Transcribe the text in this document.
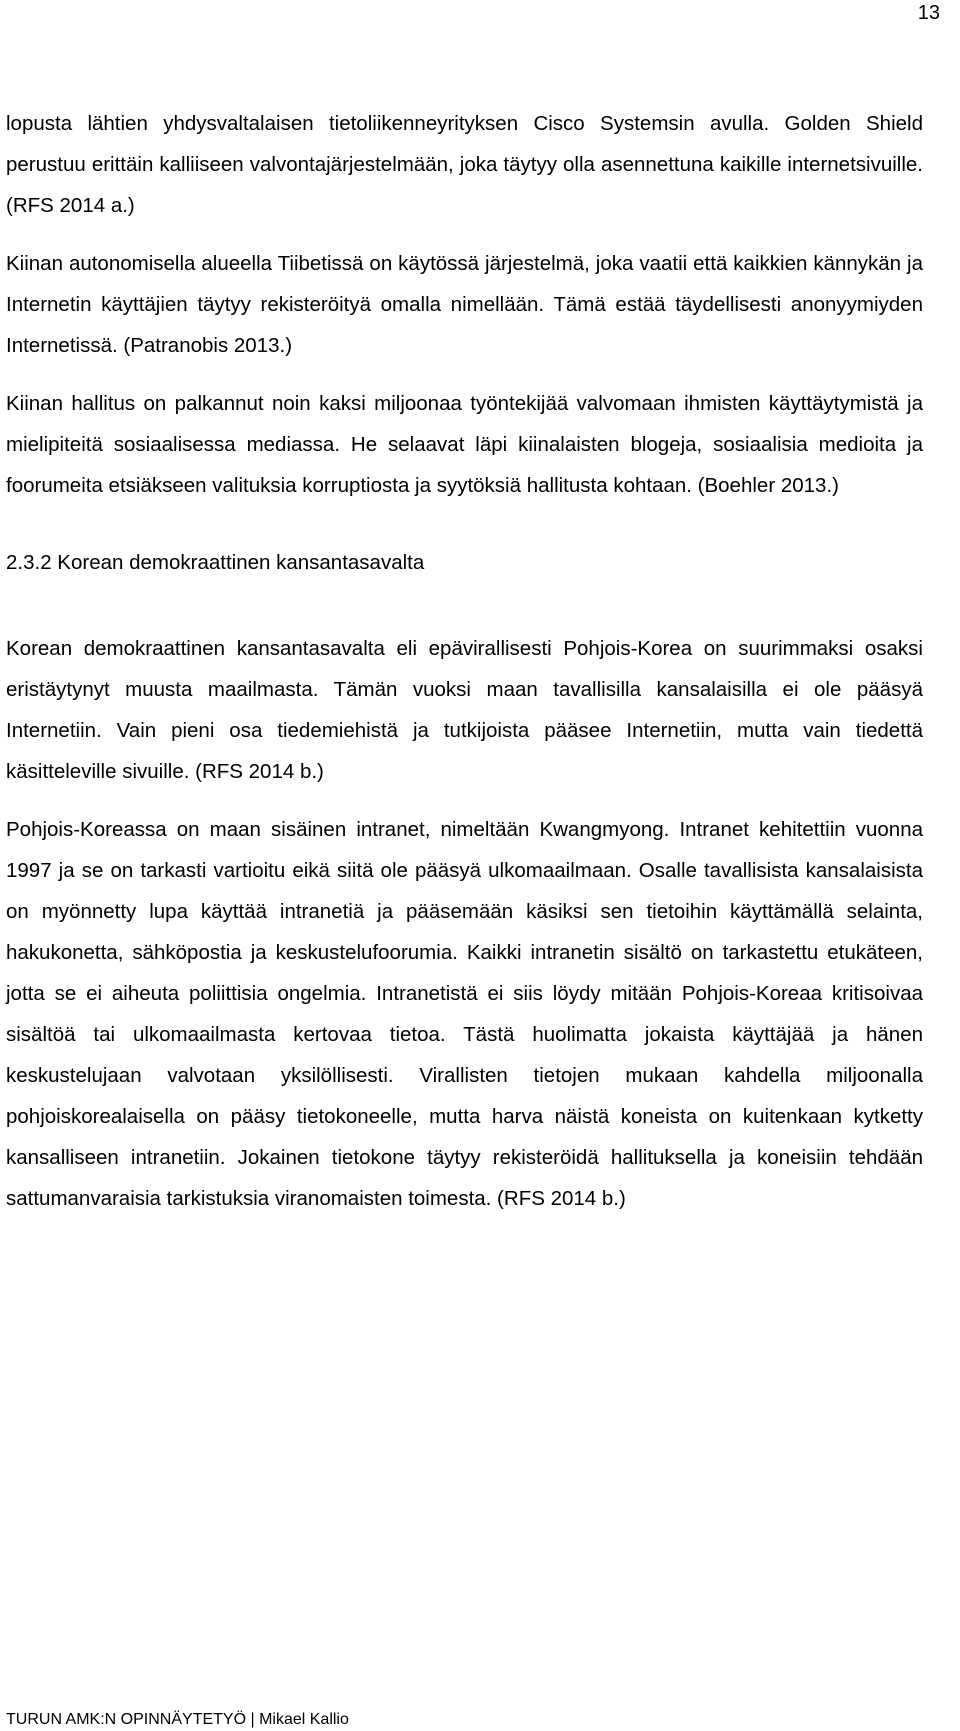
13

lopusta lähtien yhdysvaltalaisen tietoliikenneyrityksen Cisco Systemsin avulla. Golden Shield perustuu erittäin kalliiseen valvontajärjestelmään, joka täytyy olla asennettuna kaikille internetsivuille. (RFS 2014 a.)

Kiinan autonomisella alueella Tiibetissä on käytössä järjestelmä, joka vaatii että kaikkien kännykän ja Internetin käyttäjien täytyy rekisteröityä omalla nimellään. Tämä estää täydellisesti anonyymiyden Internetissä. (Patranobis 2013.)

Kiinan hallitus on palkannut noin kaksi miljoonaa työntekijää valvomaan ihmisten käyttäytymistä ja mielipiteitä sosiaalisessa mediassa. He selaavat läpi kiinalaisten blogeja, sosiaalisia medioita ja foorumeita etsiäkseen valituksia korruptiosta ja syytöksiä hallitusta kohtaan. (Boehler 2013.)

2.3.2 Korean demokraattinen kansantasavalta

Korean demokraattinen kansantasavalta eli epävirallisesti Pohjois-Korea on suurimmaksi osaksi eristäytynyt muusta maailmasta. Tämän vuoksi maan tavallisilla kansalaisilla ei ole pääsyä Internetiin. Vain pieni osa tiedemiehistä ja tutkijoista pääsee Internetiin, mutta vain tiedettä käsitteleville sivuille. (RFS 2014 b.)

Pohjois-Koreassa on maan sisäinen intranet, nimeltään Kwangmyong. Intranet kehitettiin vuonna 1997 ja se on tarkasti vartioitu eikä siitä ole pääsyä ulkomaailmaan. Osalle tavallisista kansalaisista on myönnetty lupa käyttää intranetiä ja pääsemään käsiksi sen tietoihin käyttämällä selainta, hakukonetta, sähköpostia ja keskustelufoorumia. Kaikki intranetin sisältö on tarkastettu etukäteen, jotta se ei aiheuta poliittisia ongelmia. Intranetistä ei siis löydy mitään Pohjois-Koreaa kritisoivaa sisältöä tai ulkomaailmasta kertovaa tietoa. Tästä huolimatta jokaista käyttäjää ja hänen keskustelujaan valvotaan yksilöllisesti. Virallisten tietojen mukaan kahdella miljoonalla pohjoiskorealaisella on pääsy tietokoneelle, mutta harva näistä koneista on kuitenkaan kytketty kansalliseen intranetiin. Jokainen tietokone täytyy rekisteröidä hallituksella ja koneisiin tehdään sattumanvaraisia tarkistuksia viranomaisten toimesta. (RFS 2014 b.)

TURUN AMK:N OPINNÄYTETYÖ | Mikael Kallio
